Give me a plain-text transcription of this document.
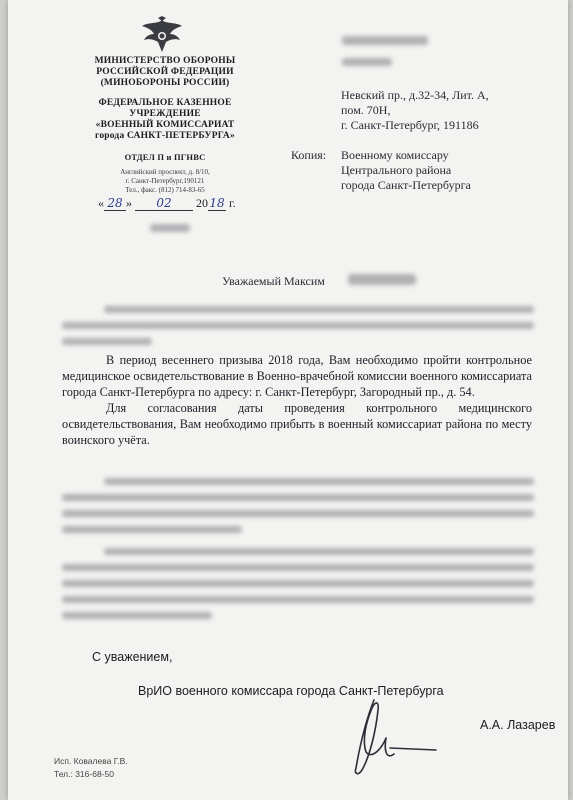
МИНИСТЕРСТВО ОБОРОНЫ
РОССИЙСКОЙ ФЕДЕРАЦИИ
(МИНОБОРОНЫ РОССИИ)
ФЕДЕРАЛЬНОЕ КАЗЕННОЕ
УЧРЕЖДЕНИЕ
«ВОЕННЫЙ КОМИССАРИАТ
города САНКТ-ПЕТЕРБУРГА»
ОТДЕЛ П и ПГНВС
Английский проспект, д. 8/10,
г. Санкт-Петербург,190121
Тел., факс. (812) 714-83-65
« 28 » 02 2018 г.
Невский пр., д.32-34, Лит. А,
пом. 70Н,
г. Санкт-Петербург, 191186
Копия: Военному комиссару
Центрального района
города Санкт-Петербурга
Уважаемый Максим

В период весеннего призыва 2018 года, Вам необходимо пройти контрольное медицинское освидетельствование в Военно-врачебной комиссии военного комиссариата города Санкт-Петербурга по адресу: г. Санкт-Петербург, Загородный пр., д. 54.

Для согласования даты проведения контрольного медицинского освидетельствования, Вам необходимо прибыть в военный комиссариат района по месту воинского учёта.

С уважением,
ВрИО военного комиссара города Санкт-Петербурга
А.А. Лазарев
Исп. Ковалева Г.В.
Тел.: 316-68-50
